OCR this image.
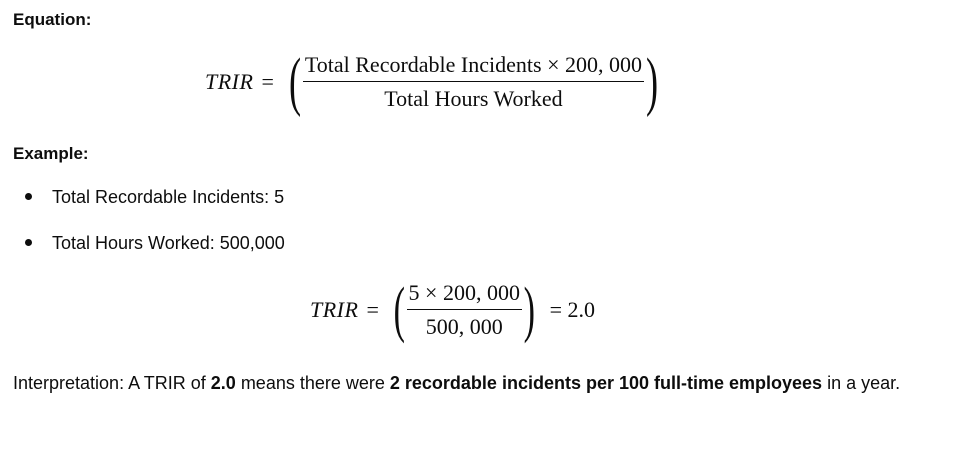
Equation:
TRIR = ( $\frac{\text{Total Recordable Incidents × 200, 000}}{\text{Total Hours Worked}}$ )
Example:
Total Recordable Incidents: 5
Total Hours Worked: 500,000
TRIR = ( $\frac{5 \times 200, 000}{500, 000}$ ) = 2.0

Interpretation: A TRIR of 2.0 means there were 2 recordable incidents per 100 full-time employees in a year.
